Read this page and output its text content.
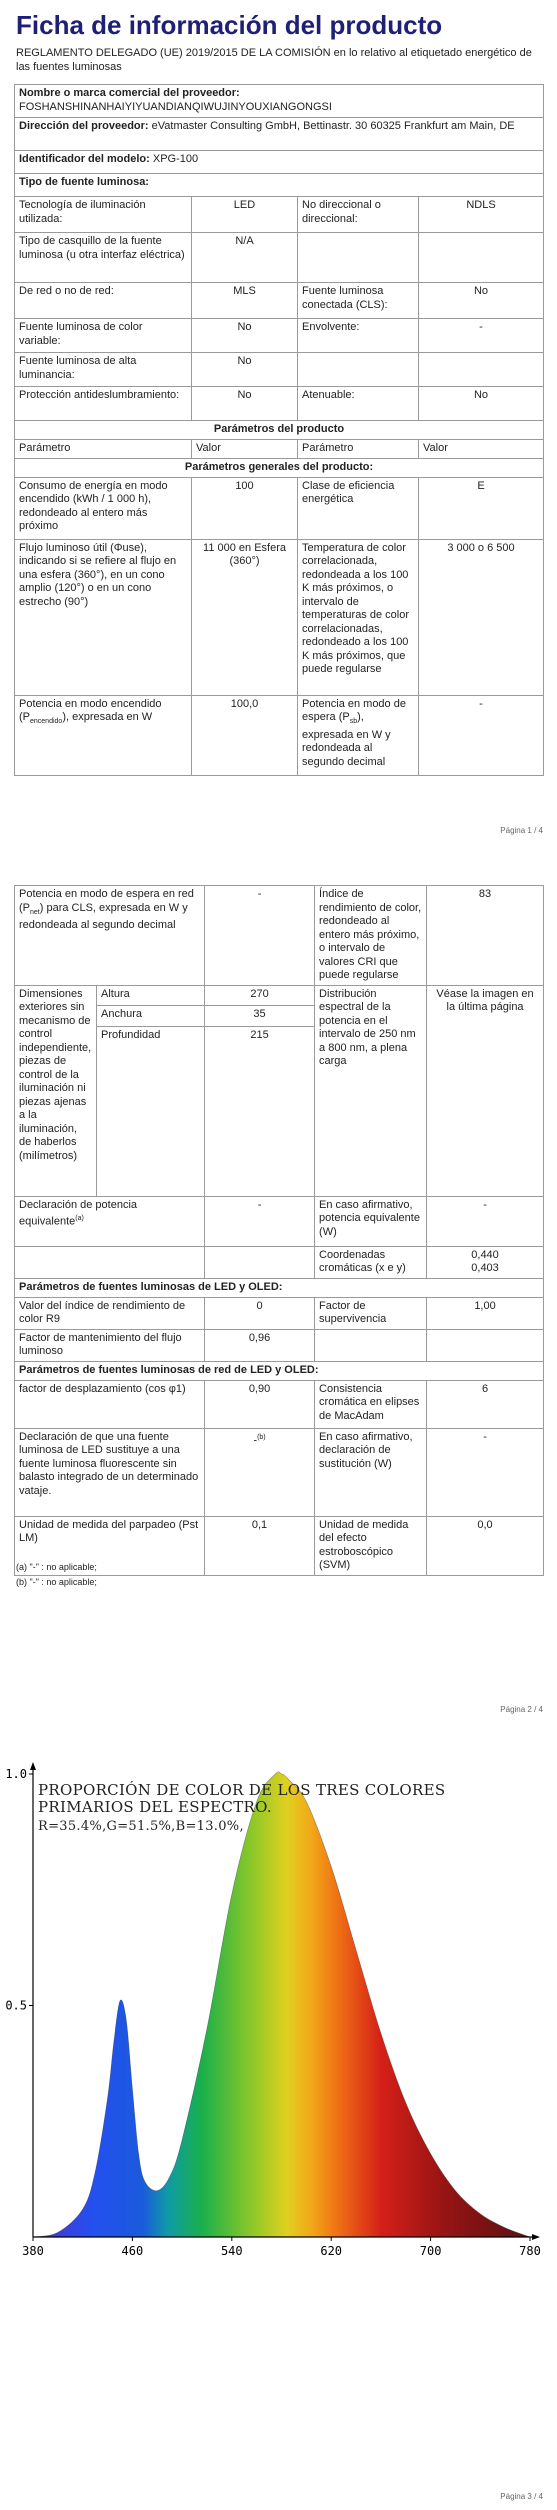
Ficha de información del producto
REGLAMENTO DELEGADO (UE) 2019/2015 DE LA COMISIÓN en lo relativo al etiquetado energético de las fuentes luminosas
Nombre o marca comercial del proveedor: FOSHANSHINANHAIYIYUANDIANQIWUJINYOUXIANGONGSI			
Dirección del proveedor: eVatmaster Consulting GmbH, Bettinastr. 30 60325 Frankfurt am Main, DE			
Identificador del modelo: XPG-100			
Tipo de fuente luminosa:			
Tecnología de iluminación utilizada:	LED	No direccional o direccional:	NDLS
Tipo de casquillo de la fuente luminosa (u otra interfaz eléctrica)	N/A		
De red o no de red:	MLS	Fuente luminosa conectada (CLS):	No
Fuente luminosa de color variable:	No	Envolvente:	-
Fuente luminosa de alta luminancia:	No		
Protección antideslumbramiento:	No	Atenuable:	No
Parámetros del producto			
Parámetro	Valor	Parámetro	Valor
Parámetros generales del producto:			
Consumo de energía en modo encendido (kWh / 1 000 h), redondeado al entero más próximo	100	Clase de eficiencia energética	E
Flujo luminoso útil (Φuse), indicando si se refiere al flujo en una esfera (360°), en un cono amplio (120°) o en un cono estrecho (90°)	11 000 en Esfera (360°)	Temperatura de color correlacionada, redondeada a los 100 K más próximos, o intervalo de temperaturas de color correlacionadas, redondeado a los 100 K más próximos, que puede regularse	3 000 o 6 500
Potencia en modo encendido $(P_{encendido})$, expresada en W	100,0	Potencia en modo de espera $(P_{sb})$, expresada en W y redondeada al segundo decimal	-
Página 1 / 4
Potencia en modo de espera en red $(P_{net})$ para CLS, expresada en W y redondeada al segundo decimal		-	Índice de rendimiento de color, redondeado al entero más próximo, o intervalo de valores CRI que puede regularse	83
Dimensiones exteriores sin mecanismo de control independiente, piezas de control de la iluminación ni piezas ajenas a la iluminación, de haberlos (milímetros)	Altura	270	Distribución espectral de la potencia en el intervalo de 250 nm a 800 nm, a plena carga	Véase la imagen en la última página
	Anchura	35		
	Profundidad	215		
Declaración de potencia equivalente$^{(a)}$		-	En caso afirmativo, potencia equivalente (W)	-
			Coordenadas cromáticas (x e y)	0,440
0,403

Parámetros de fuentes luminosas de LED y OLED:				
Valor del índice de rendimiento de color R9		0	Factor de supervivencia	1,00
Factor de mantenimiento del flujo luminoso		0,96		
Parámetros de fuentes luminosas de red de LED y OLED:				
factor de desplazamiento (cos φ1)		0,90	Consistencia cromática en elipses de MacAdam	6
Declaración de que una fuente luminosa de LED sustituye a una fuente luminosa fluorescente sin balasto integrado de un determinado vataje.		-$^{(b)}$	En caso afirmativo, declaración de sustitución (W)	-
Unidad de medida del parpadeo (Pst LM)		0,1	Unidad de medida del efecto estroboscópico (SVM)	0,0
(a) "-" : no aplicable;
(b) "-" : no aplicable;
Página 2 / 4
380	460	540	620	700	780
1.0
0.5
PROPORCIÓN DE COLOR DE LOS TRES COLORES PRIMARIOS DEL ESPECTRO.
R=35.4%,G=51.5%,B=13.0%,
Página 3 / 4
